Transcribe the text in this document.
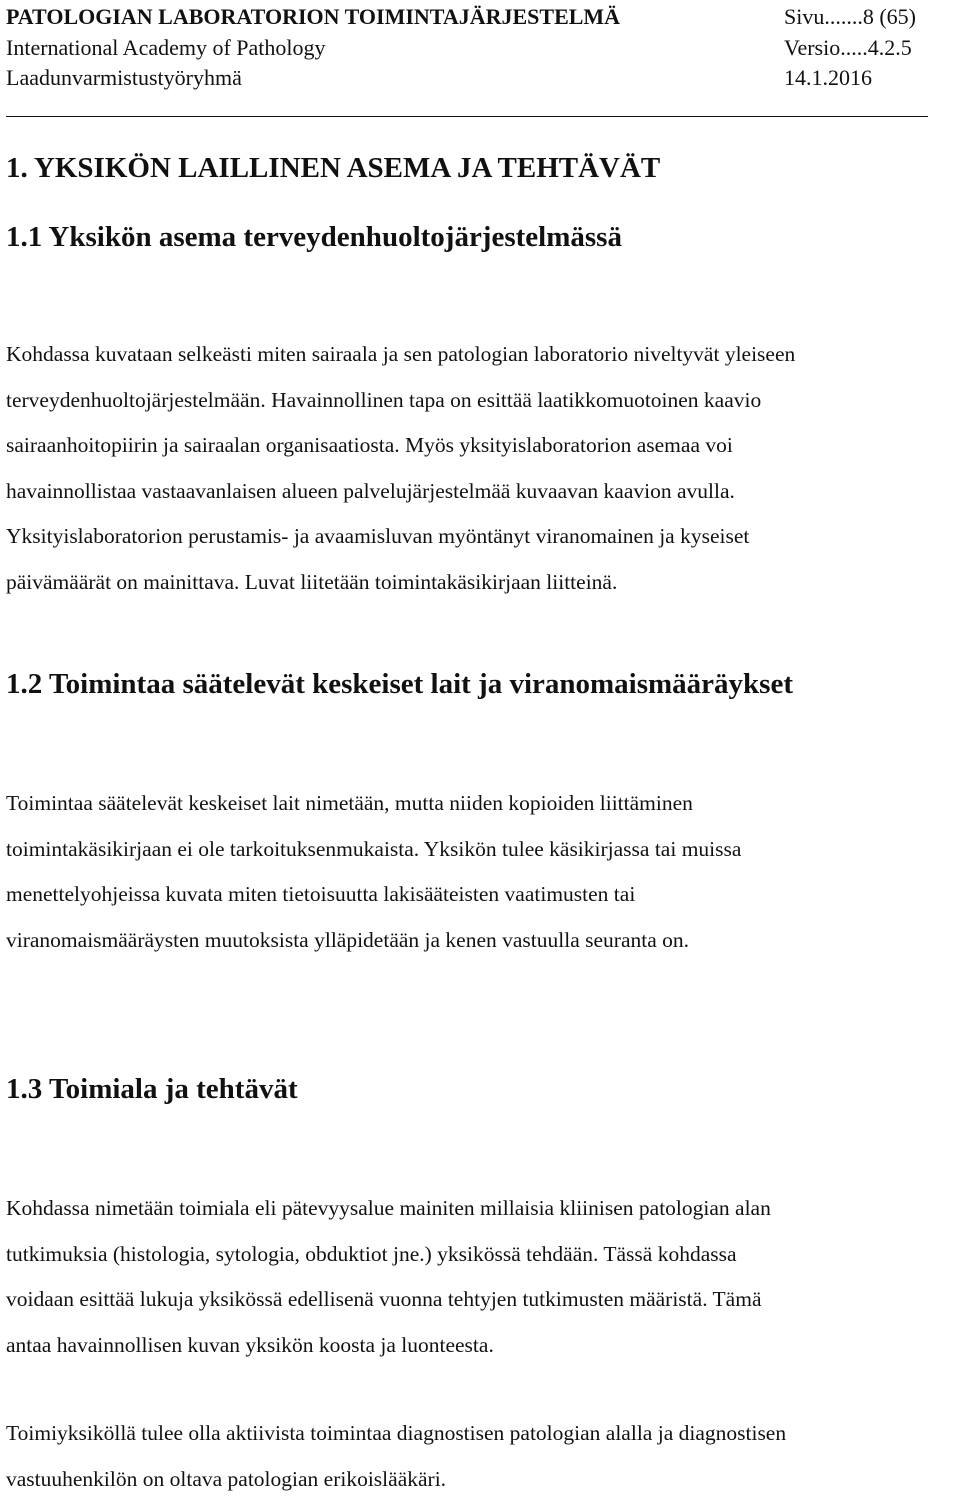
PATOLOGIAN LABORATORION TOIMINTAJÄRJESTELMÄ	Sivu.......8 (65)
International Academy of Pathology	Versio.....4.2.5
Laadunvarmistustyöryhmä	14.1.2016
1. YKSIKÖN LAILLINEN ASEMA JA TEHTÄVÄT
1.1 Yksikön asema terveydenhuoltojärjestelmässä
Kohdassa kuvataan selkeästi miten sairaala ja sen patologian laboratorio niveltyvät yleiseen
terveydenhuoltojärjestelmään. Havainnollinen tapa on esittää laatikkomuotoinen kaavio
sairaanhoitopiirin ja sairaalan organisaatiosta. Myös yksityislaboratorion asemaa voi
havainnollistaa vastaavanlaisen alueen palvelujärjestelmää kuvaavan kaavion avulla.
Yksityislaboratorion perustamis- ja avaamisluvan myöntänyt viranomainen ja kyseiset
päivämäärät on mainittava. Luvat liitetään toimintakäsikirjaan liitteinä.
1.2 Toimintaa säätelevät keskeiset lait ja viranomaismääräykset
Toimintaa säätelevät keskeiset lait nimetään, mutta niiden kopioiden liittäminen
toimintakäsikirjaan ei ole tarkoituksenmukaista. Yksikön tulee käsikirjassa tai muissa
menettelyohjeissa kuvata miten tietoisuutta lakisääteisten vaatimusten tai
viranomaismääräysten muutoksista ylläpidetään ja kenen vastuulla seuranta on.
1.3 Toimiala ja tehtävät
Kohdassa nimetään toimiala eli pätevyysalue mainiten millaisia kliinisen patologian alan
tutkimuksia (histologia, sytologia, obduktiot jne.) yksikössä tehdään. Tässä kohdassa
voidaan esittää lukuja yksikössä edellisenä vuonna tehtyjen tutkimusten määristä. Tämä
antaa havainnollisen kuvan yksikön koosta ja luonteesta.
Toimiyksiköllä tulee olla aktiivista toimintaa diagnostisen patologian alalla ja diagnostisen
vastuuhenkilön on oltava patologian erikoislääkäri.
